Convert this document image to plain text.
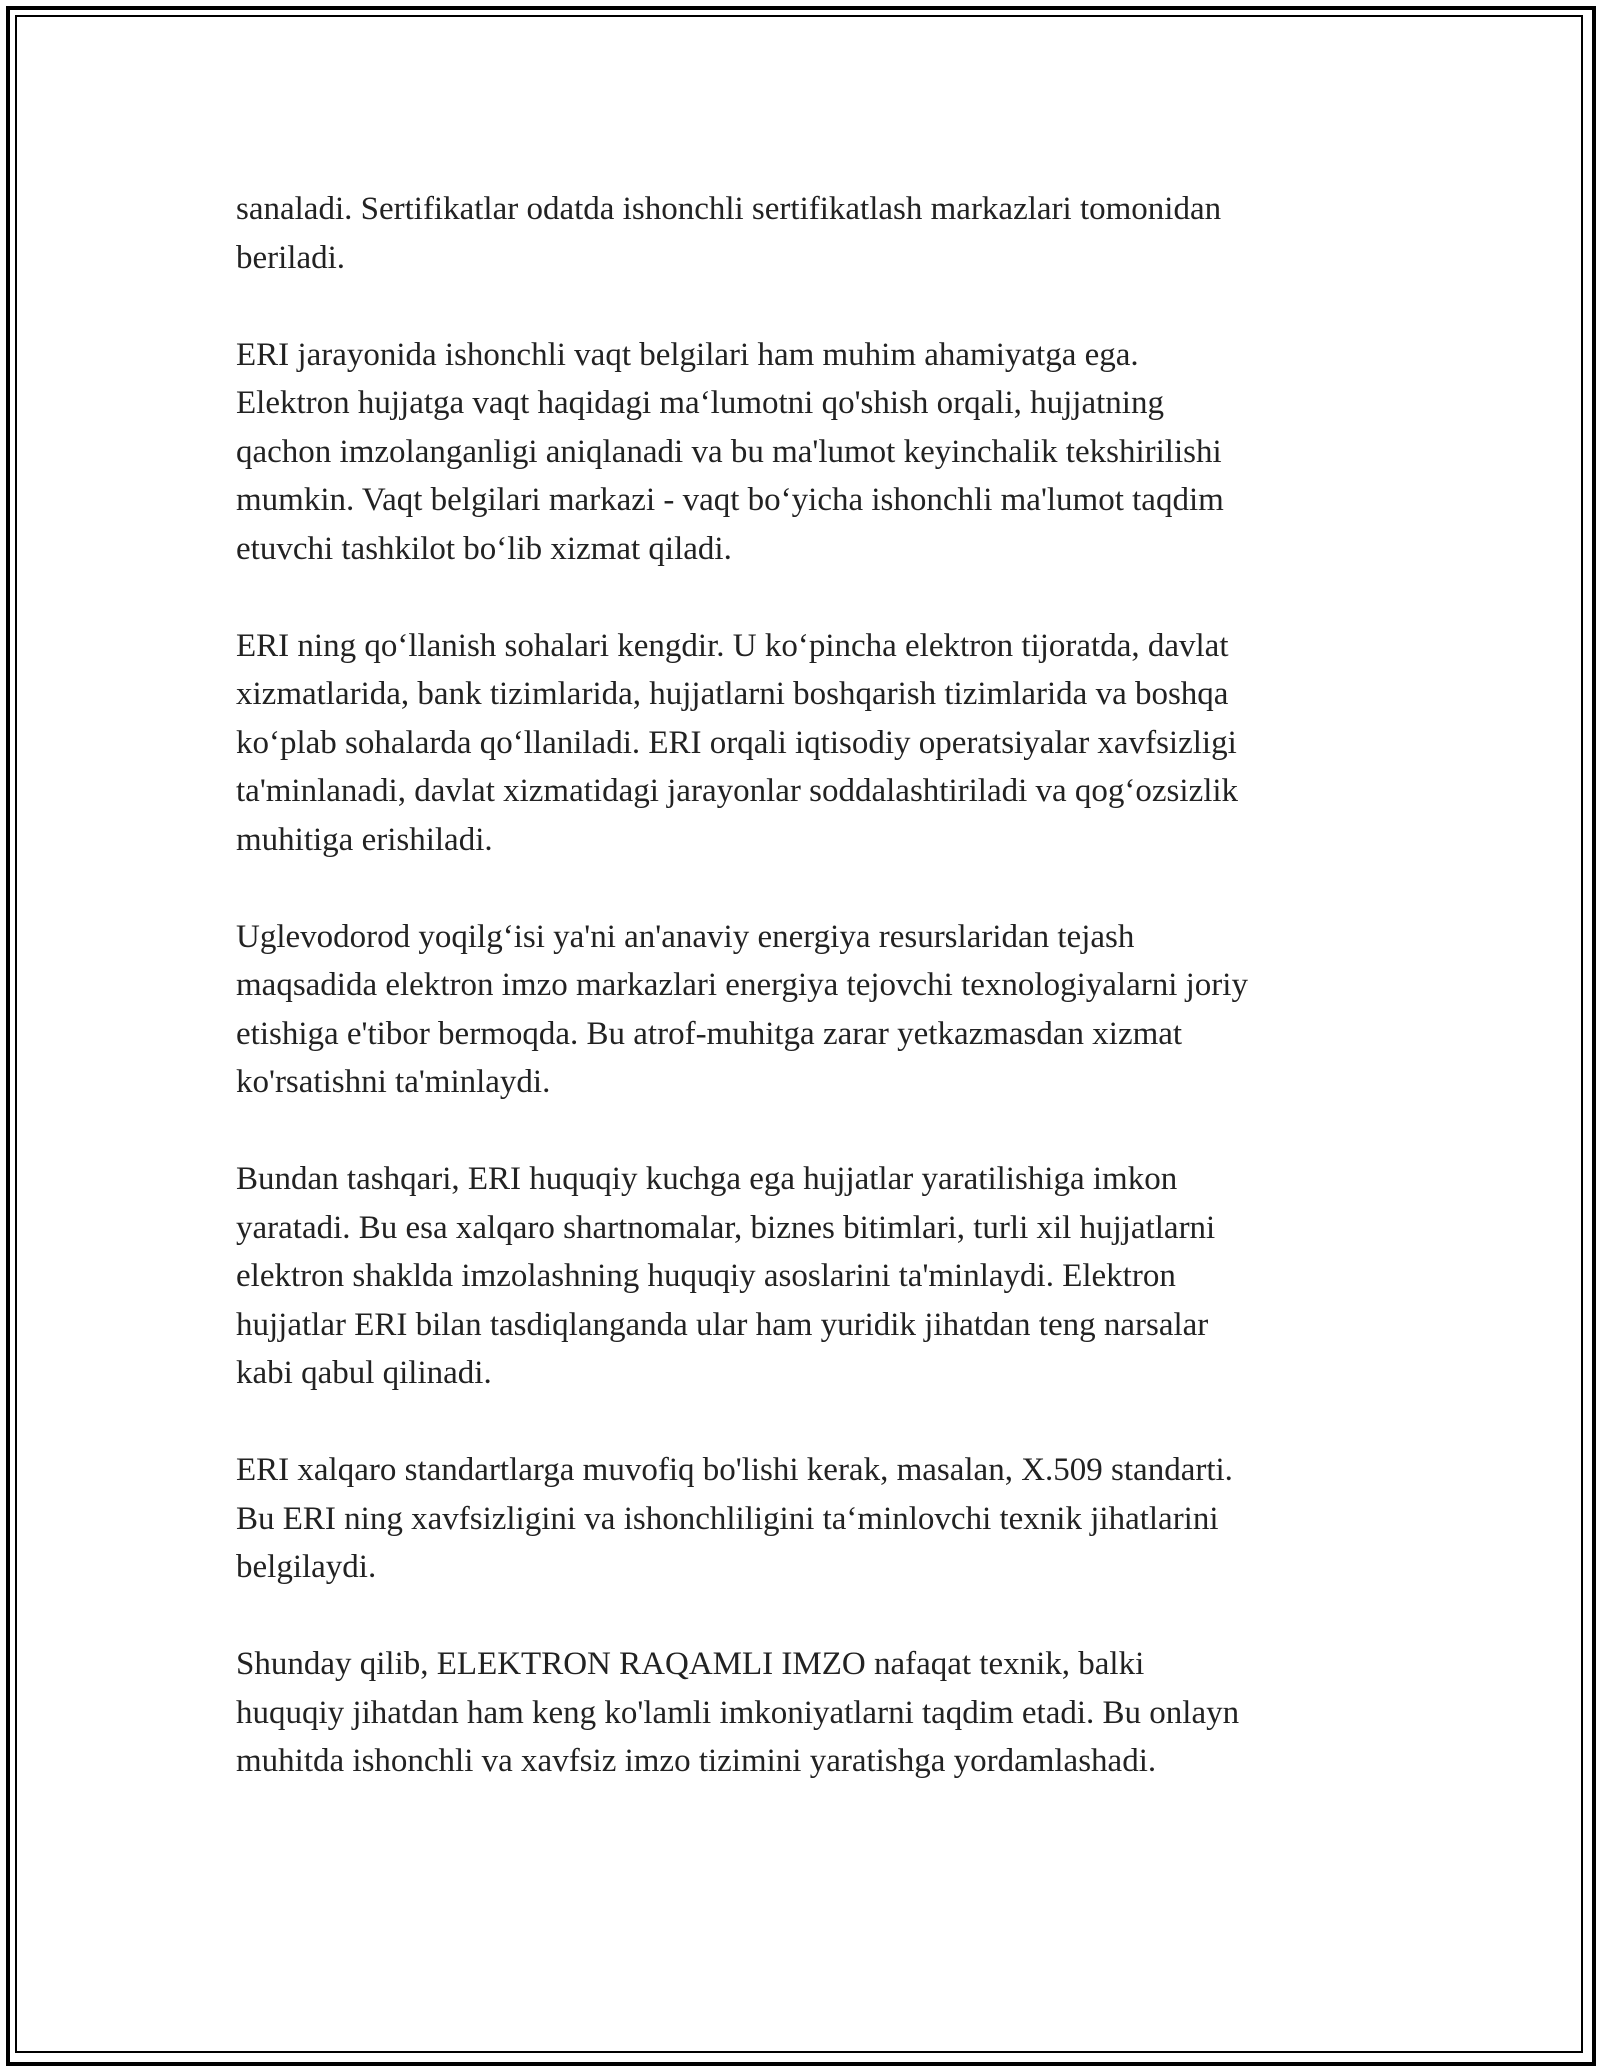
sanaladi. Sertifikatlar odatda ishonchli sertifikatlash markazlari tomonidan
beriladi.
ERI jarayonida ishonchli vaqt belgilari ham muhim ahamiyatga ega.
Elektron hujjatga vaqt haqidagi ma‘lumotni qo'shish orqali, hujjatning
qachon imzolanganligi aniqlanadi va bu ma'lumot keyinchalik tekshirilishi
mumkin. Vaqt belgilari markazi - vaqt bo‘yicha ishonchli ma'lumot taqdim
etuvchi tashkilot bo‘lib xizmat qiladi.
ERI ning qo‘llanish sohalari kengdir. U ko‘pincha elektron tijoratda, davlat
xizmatlarida, bank tizimlarida, hujjatlarni boshqarish tizimlarida va boshqa
ko‘plab sohalarda qo‘llaniladi. ERI orqali iqtisodiy operatsiyalar xavfsizligi
ta'minlanadi, davlat xizmatidagi jarayonlar soddalashtiriladi va qog‘ozsizlik
muhitiga erishiladi.
Uglevodorod yoqilg‘isi ya'ni an'anaviy energiya resurslaridan tejash
maqsadida elektron imzo markazlari energiya tejovchi texnologiyalarni joriy
etishiga e'tibor bermoqda. Bu atrof-muhitga zarar yetkazmasdan xizmat
ko'rsatishni ta'minlaydi.
Bundan tashqari, ERI huquqiy kuchga ega hujjatlar yaratilishiga imkon
yaratadi. Bu esa xalqaro shartnomalar, biznes bitimlari, turli xil hujjatlarni
elektron shaklda imzolashning huquqiy asoslarini ta'minlaydi. Elektron
hujjatlar ERI bilan tasdiqlanganda ular ham yuridik jihatdan teng narsalar
kabi qabul qilinadi.
ERI xalqaro standartlarga muvofiq bo'lishi kerak, masalan, X.509 standarti.
Bu ERI ning xavfsizligini va ishonchliligini ta‘minlovchi texnik jihatlarini
belgilaydi.
Shunday qilib, ELEKTRON RAQAMLI IMZO nafaqat texnik, balki
huquqiy jihatdan ham keng ko'lamli imkoniyatlarni taqdim etadi. Bu onlayn
muhitda ishonchli va xavfsiz imzo tizimini yaratishga yordamlashadi.
